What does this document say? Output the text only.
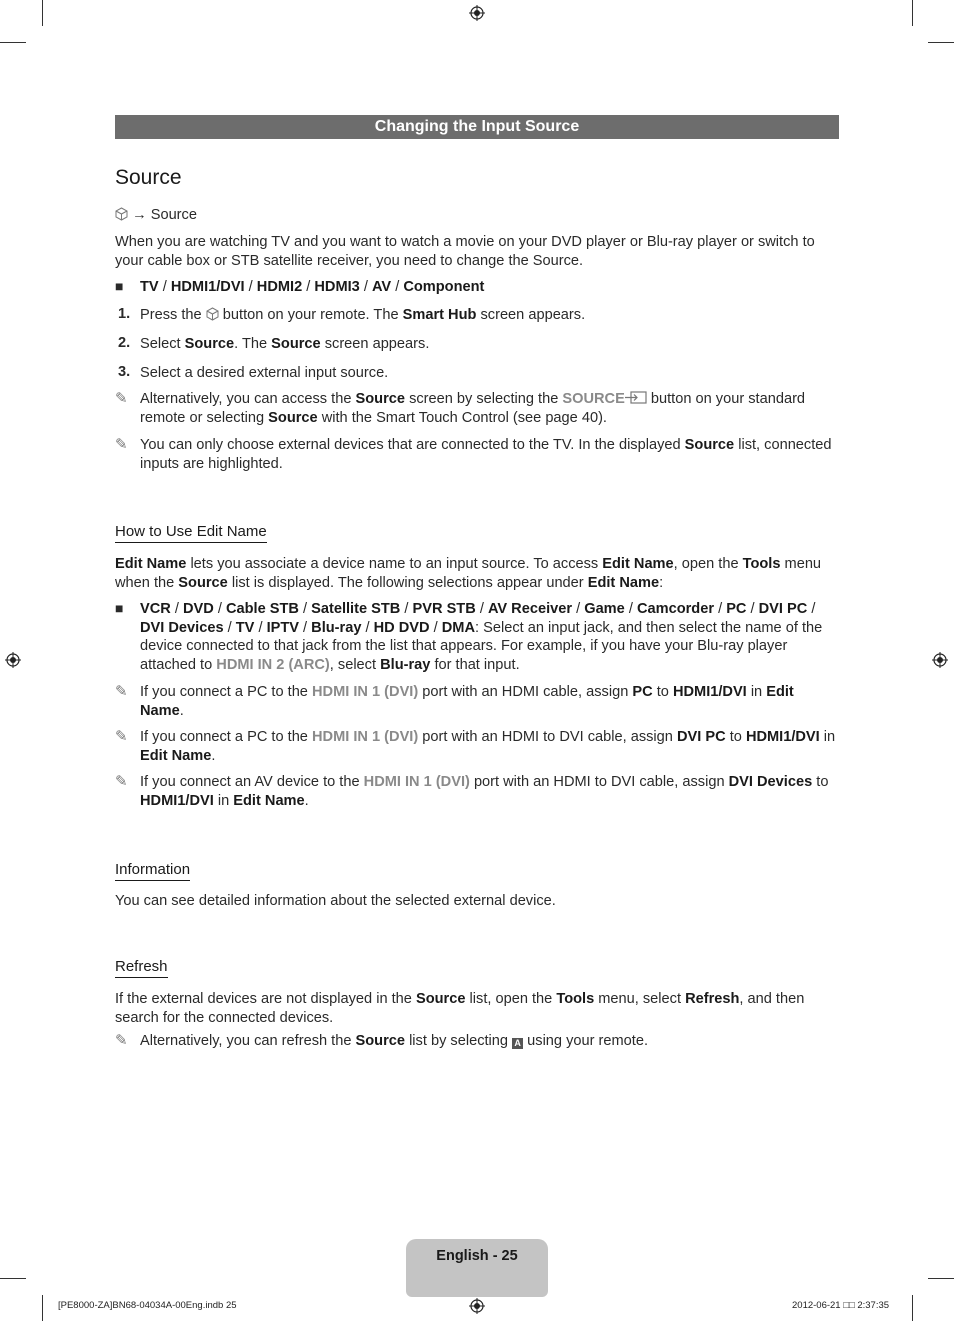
Changing the Input Source
Source
→ Source
When you are watching TV and you want to watch a movie on your DVD player or Blu-ray player or switch to your cable box or STB satellite receiver, you need to change the Source.
■	TV / HDMI1/DVI / HDMI2 / HDMI3 / AV / Component
1. Press the button on your remote. The Smart Hub screen appears.
2. Select Source. The Source screen appears.
3. Select a desired external input source.
✎ Alternatively, you can access the Source screen by selecting the SOURCE button on your standard remote or selecting Source with the Smart Touch Control (see page 40).
✎ You can only choose external devices that are connected to the TV. In the displayed Source list, connected inputs are highlighted.
How to Use Edit Name
Edit Name lets you associate a device name to an input source. To access Edit Name, open the Tools menu when the Source list is displayed. The following selections appear under Edit Name:
■	VCR / DVD / Cable STB / Satellite STB / PVR STB / AV Receiver / Game / Camcorder / PC / DVI PC / DVI Devices / TV / IPTV / Blu-ray / HD DVD / DMA: Select an input jack, and then select the name of the device connected to that jack from the list that appears. For example, if you have your Blu-ray player attached to HDMI IN 2 (ARC), select Blu-ray for that input.
✎ If you connect a PC to the HDMI IN 1 (DVI) port with an HDMI cable, assign PC to HDMI1/DVI in Edit Name.
✎ If you connect a PC to the HDMI IN 1 (DVI) port with an HDMI to DVI cable, assign DVI PC to HDMI1/DVI in Edit Name.
✎ If you connect an AV device to the HDMI IN 1 (DVI) port with an HDMI to DVI cable, assign DVI Devices to HDMI1/DVI in Edit Name.
Information
You can see detailed information about the selected external device.
Refresh
If the external devices are not displayed in the Source list, open the Tools menu, select Refresh, and then search for the connected devices.
✎ Alternatively, you can refresh the Source list by selecting A using your remote.
English - 25
[PE8000-ZA]BN68-04034A-00Eng.indb 25	2012-06-21 □□ 2:37:35
